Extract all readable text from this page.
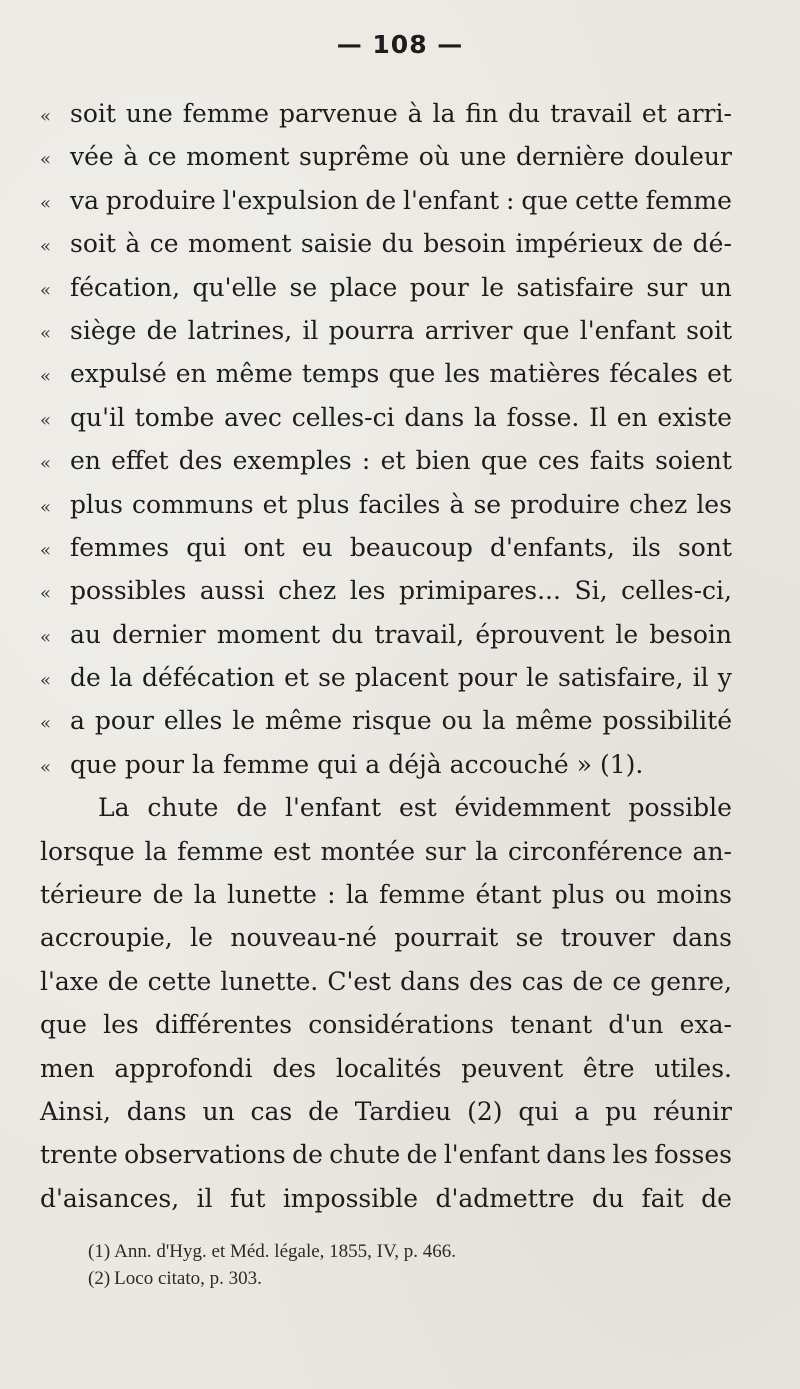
— 108 —
« soit une femme parvenue à la fin du travail et arri-
« vée à ce moment suprême où une dernière douleur
« va produire l'expulsion de l'enfant : que cette femme
« soit à ce moment saisie du besoin impérieux de dé-
« fécation, qu'elle se place pour le satisfaire sur un
« siège de latrines, il pourra arriver que l'enfant soit
« expulsé en même temps que les matières fécales et
« qu'il tombe avec celles-ci dans la fosse. Il en existe
« en effet des exemples : et bien que ces faits soient
« plus communs et plus faciles à se produire chez les
« femmes qui ont eu beaucoup d'enfants, ils sont
« possibles aussi chez les primipares... Si, celles-ci,
« au dernier moment du travail, éprouvent le besoin
« de la défécation et se placent pour le satisfaire, il y
« a pour elles le même risque ou la même possibilité
« que pour la femme qui a déjà accouché » (1).
La chute de l'enfant est évidemment possible
lorsque la femme est montée sur la circonférence an-
térieure de la lunette : la femme étant plus ou moins
accroupie, le nouveau-né pourrait se trouver dans
l'axe de cette lunette. C'est dans des cas de ce genre,
que les différentes considérations tenant d'un exa-
men approfondi des localités peuvent être utiles.
Ainsi, dans un cas de Tardieu (2) qui a pu réunir
trente observations de chute de l'enfant dans les fosses
d'aisances, il fut impossible d'admettre du fait de
(1) Ann. d'Hyg. et Méd. légale, 1855, IV, p. 466.
(2) Loco citato, p. 303.
